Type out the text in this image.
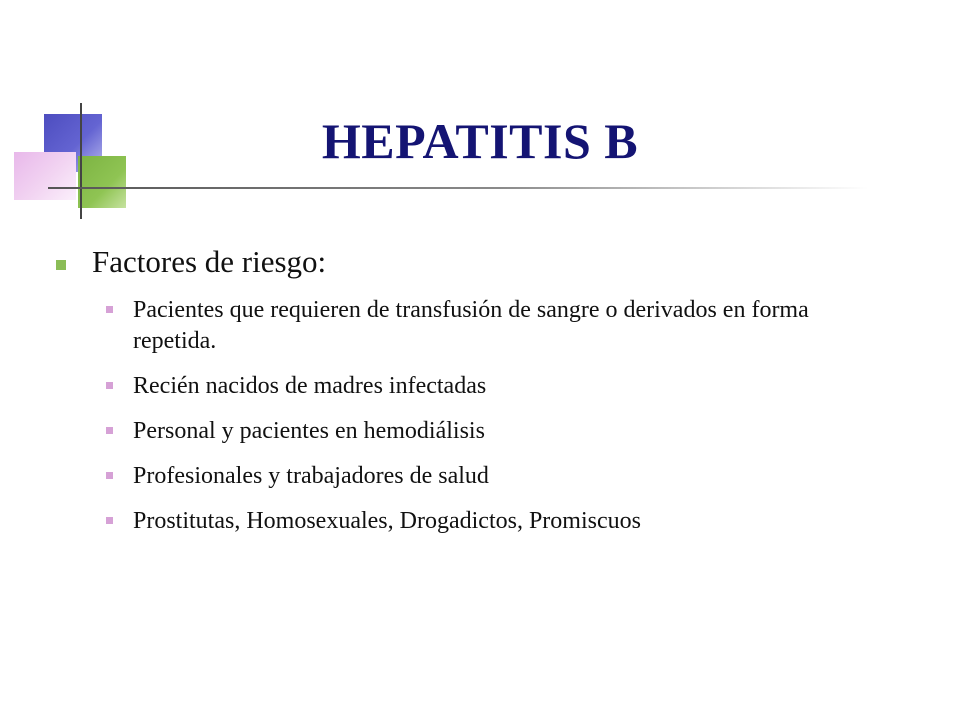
HEPATITIS B
Factores de riesgo:
Pacientes que requieren de transfusión de sangre o derivados en forma repetida.
Recién nacidos de madres infectadas
Personal y pacientes en hemodiálisis
Profesionales y trabajadores de salud
Prostitutas, Homosexuales, Drogadictos, Promiscuos
